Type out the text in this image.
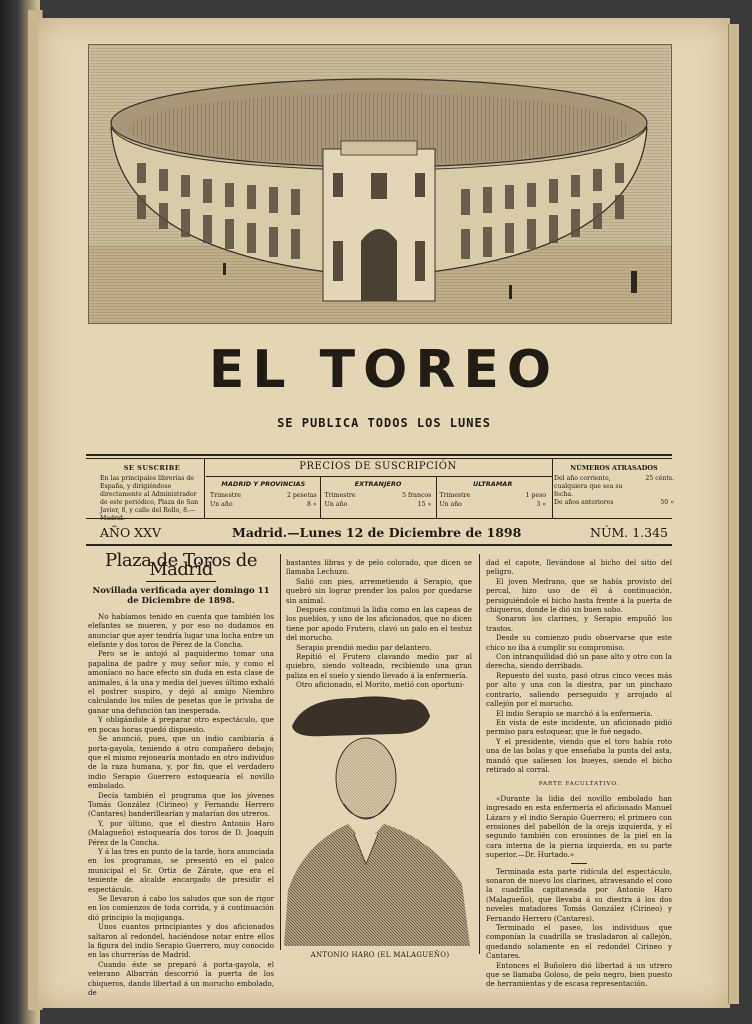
EL TOREO
SE PUBLICA TODOS LOS LUNES
SE SUSCRIBE
En las principales librerías de España, y dirigiéndose directamente al Administrador de este periódico, Plaza de San Javier, 8, y calle del Rollo, 8.—
PRECIOS DE SUSCRIPCIÓN
MADRID Y PROVINCIAS
Trimestre	2 pesetas
Un año	8 »
EXTRANJERO
Trimestre	5 francos
Un año	15 »
ULTRAMAR
Trimestre	1 peso
Un año	3 »
NÚMEROS ATRASADOS
Del año corriente, cualquiera que sea su fecha.
25 cénts.
De años anteriores	50 »
AÑO XXV	Madrid.—Lunes 12 de Diciembre de 1898	NÚM. 1.345
Plaza de Toros de Madrid
Novillada verificada ayer domingo 11 de Diciembre de 1898.

No habíamos tenido en cuenta que también los elefantes se mueren, y por eso no dudamos en anunciar que ayer tendría lugar una lucha entre un elefante y dos toros de Pérez de la Concha.

Pero se le antojó al paquidermo tomar una papalina de padre y muy señor mío, y como el amoníaco no hace efecto sin duda en esta clase de animales, á la una y media del jueves último exhaló el postrer suspiro, y dejó al amigo Niembro calculando los miles de pesetas que le privaba de ganar una defunción tan inesperada.

Y obligándole á preparar otro espectáculo, que en pocas horas quedó dispuesto.

Se anunció, pues, que un indio cambiaría á porta-gayola, teniendo á otro compañero debajo; que el mismo rejonearía montado en otro individuo de la raza humana, y, por fin, que el verdadero indio Serapio Guerrero estoquearía el novillo embolado.

Decía también el programa que los jóvenes Tomás González (Cirineo) y Fernando Herrero (Cantares) banderillearían y matarían dos utreros.

Y, por último, que el diestro Antonio Haro (Malagueño) estoquearía dos toros de D. Joaquín Pérez de la Concha.

Y á las tres en punto de la tarde, hora anunciada en los programas, se presentó en el palco municipal el Sr. Ortiz de Zárate, que era el teniente de alcalde encargado de presidir el espectáculo.

Se llevaron á cabo los saludos que son de rigor en los comienzos de toda corrida, y á continuación dió principio la mojiganga.

Unos cuantos principiantes y dos aficionados saltaron al redondel, haciéndose notar entre ellos la figura del indio Serapio Guerrero, muy conocido en las churrerías de Madrid.

Cuando éste se preparó á porta-gayola, el veterano Albarrán descorrió la puerta de los chiqueros, dando libertad á un morucho embolado, de

bastantes libras y de pelo colorado, que dicen se llamaba Lechuzo.

Salió con pies, arremetiendo á Serapio, que quebró sin lograr prender los palos por quedarse sin animal.

Después continuó la lidia como en las capeas de los pueblos, y uno de los aficionados, que no dicen tiene por apodo Frutero, clavó un palo en el testuz del morucho.

Serapio prendió medio par delantero.

Repitió el Frutero clavando medio par al quiebro, siendo volteado, recibiendo una gran paliza en el suelo y siendo llevado á la enfermería.

Otro aficionado, el Morito, metió con oportuni-

ANTONIO HARO (EL MALAGUEÑO)

dad el capote, llevándose al bicho del sitio del peligro.

El joven Medrano, que se había provisto del percal, hizo uso de él á continuación, persiguiéndole el bicho hasta frente á la puerta de chiqueros, donde le dió un buen sobo.

Sonaron los clarines, y Serapio empuñó los trastos.

Desde su comienzo pudo observarse que este chico no iba á cumplir su compromiso.

Con intranquilidad dió un pase alto y otro con la derecha, siendo derribado.

Repuesto del susto, pasó otras cinco veces más por alto y una con la diestra, par un pinchazo contrario, saliendo perseguido y arrojado al callejón por el morucho.

El indio Serapio se marchó á la enfermería.

En vista de este incidente, un aficionado pidió permiso para estoquear, que le fué negado.

Y el presidente, viendo que el toro había roto una de las bolas y que enseñaba la punta del asta, mandó que saliesen los bueyes, siendo el bicho retirado al corral.

PARTE FACULTATIVO.

«Durante la lidia del novillo embolado han ingresado en esta enfermería el aficionado Manuel Lázaro y el indio Serapio Guerrero; el primero con erosiones del pabellón de la oreja izquierda, y el segundo también con erosiones de la piel en la cara interna de la pierna izquierda, en su parte superior.—Dr. Hurtado.»

Terminada esta parte ridícula del espectáculo, sonaron de nuevo los clarines, atravesando el coso la cuadrilla capitaneada por Antonio Haro (Malagueño), que llevaba á su diestra á los dos noveles matadores Tomás González (Cirineo) y Fernando Herrero (Cantares).

Terminado el paseo, los individuos que componían la cuadrilla se trasladaron al callejón, quedando solamente en el redondel Cirineo y Cantares.

Entonces el Buñolero dió libertad á un utrero que se llamaba Goloso, de pelo negro, bien puesto de herramientas y de escasa representación.
